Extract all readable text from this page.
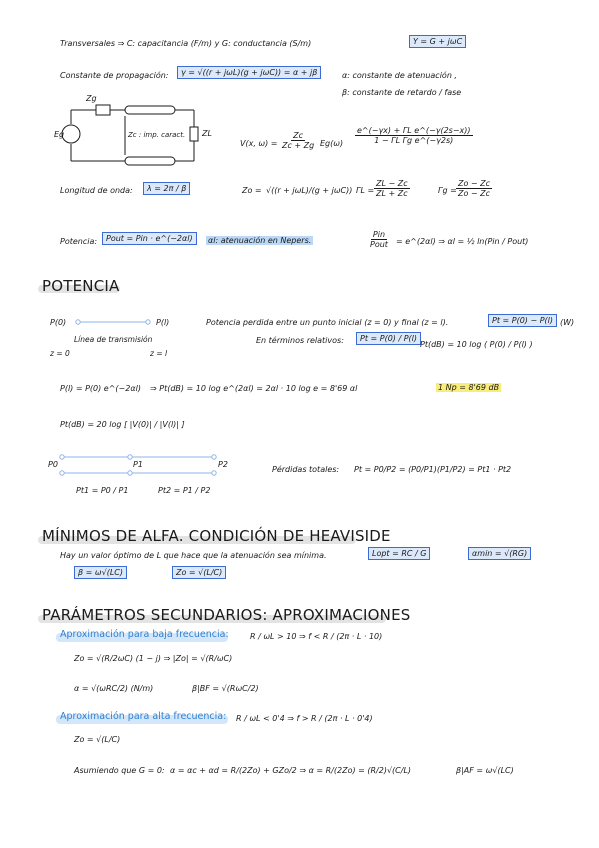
Transversales ⇒ C: capacitancia (F/m) y G: conductancia (S/m)	Y = G + jωC
Constante de propagación:	γ = √((r + jωL)(g + jωC)) = α + jβ	α: constante de atenuación ,
β: constante de retardo / fase
Zg
Eg	Zc : imp. caract. ZL
V(x, $\omega) = \frac{Zc}{Zc + Zg} Eg(\omega) \frac{\text{e\textasciicircum{}(−γx) + ΓL e\textasciicircum{}(−γ(2s−x))}}{\text{1 − ΓL Γg e\textasciicircum{}(−γ2s)}}$
Longitud de onda:	λ = 2π / β	Zo = √((r + jωL)/(g + jωC)) $\Gamma L = \frac{ZL - Zc}{ZL + Zc}$	$\Gamma g = \frac{Zo - Zc}{Zo - Zc}$
Potencia:	Pout = Pin · e^(−2αl)	αl: atenuación en Nepers.
Pin
Pout = e^(2αl) ⇒ αl = ½ ln(Pin / Pout)
POTENCIA
P(0)	P(l)
Línea de transmisión
z = 0	z = l
Potencia perdida entre un punto inicial (z = 0) y final (z = l).	Pt = P(0) − P(l) (W)
En términos relativos:	Pt = P(0) / P(l)
Pt(dB) = 10 log ( P(0) / P(l) )
P(l) = P(0) e^(−2αl) ⇒ Pt(dB) = 10 log e^(2αl) = 2αl · 10 log e = 8'69 αl	1 Np = 8'69 dB
Pt(dB) = 20 log [ |V(0)| / |V(l)| ]
P0	P1	P2
Pt1 = P0 / P1	Pt2 = P1 / P2
Pérdidas totales: Pt = P0/P2 = (P0/P1)(P1/P2) = Pt1 · Pt2
MÍNIMOS DE ALFA. CONDICIÓN DE HEAVISIDE
Hay un valor óptimo de L que hace que la atenuación sea mínima.	Lopt = RC / G	αmin = √(RG)
β = ω√(LC)	Zo = √(L/C)
PARÁMETROS SECUNDARIOS: APROXIMACIONES
Aproximación para baja frecuencia:	R / ωL > 10 ⇒ f < R / (2π · L · 10)
Zo = √(R/2ωC) (1 − j) ⇒ |Zo| = √(R/ωC)
α = √(ωRC/2) (N/m)	β|BF = √(RωC/2)
Aproximación para alta frecuencia: R / ωL < 0'4 ⇒ f > R / (2π · L · 0'4)
Zo = √(L/C)
Asumiendo que G = 0: α = αc + αd = R/(2Zo) + GZo/2 ⇒ α = R/(2Zo) = (R/2)√(C/L)	β|AF = ω√(LC)
